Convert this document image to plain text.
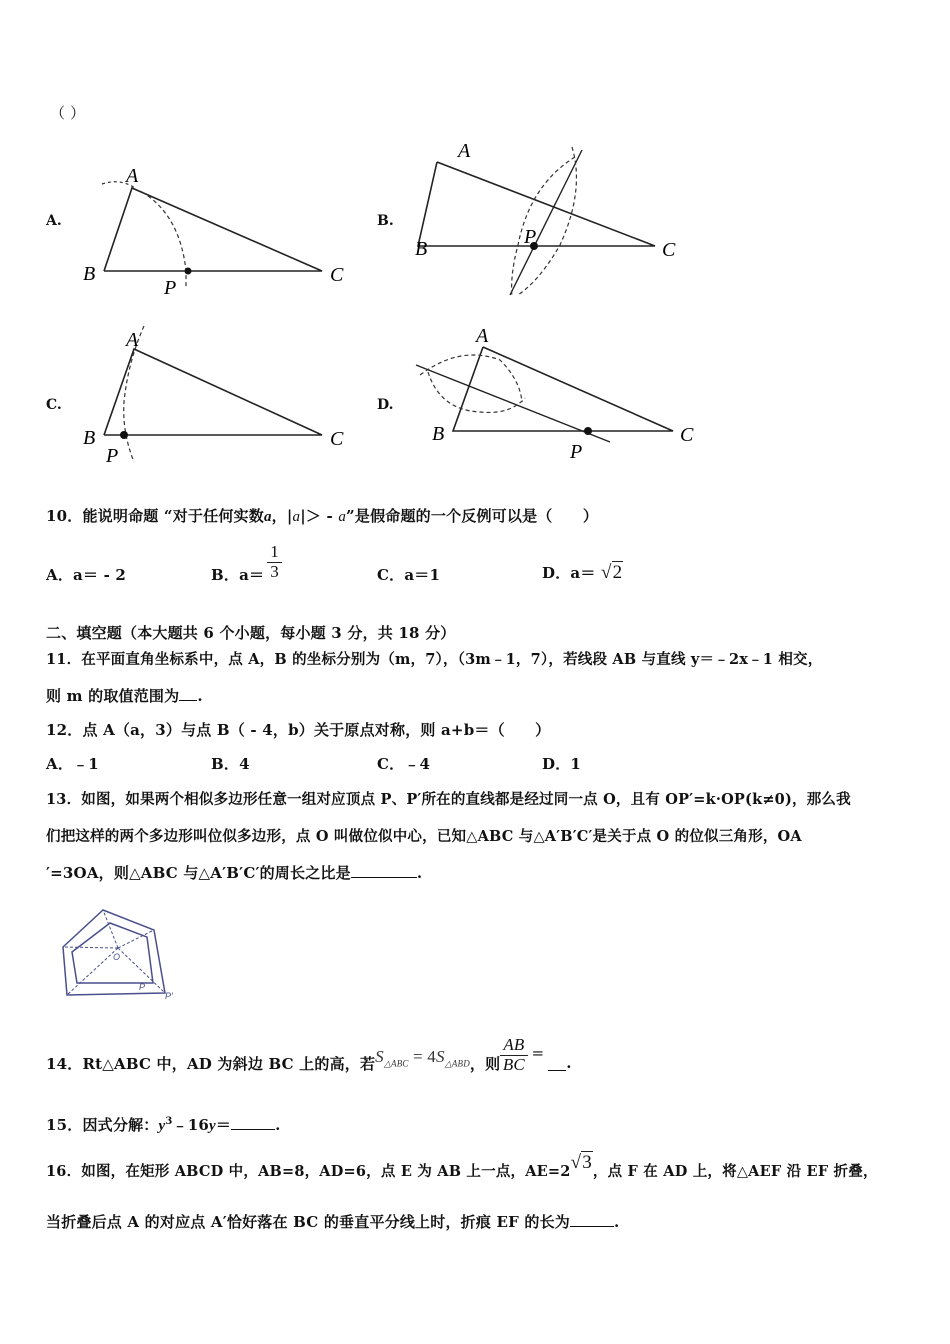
（ ）
A.
A
B	C
P
B.
A
B	C
P
C.
A
B	C
P
D.
A
B	C
P
10．能说明命题 “对于任何实数a，|a|＞ - a”是假命题的一个反例可以是（　　）
A．a＝ - 2	B． $a= \frac{1}{3}$	C．a＝1	D．a＝ √2
二、填空题（本大题共 6 个小题，每小题 3 分，共 18 分）
11．在平面直角坐标系中，点 A，B 的坐标分别为（m，7），（3m﹣1，7），若线段 AB 与直线 y＝﹣2x﹣1 相交，
则 m 的取值范围为 .
12．点 A（a，3）与点 B（ - 4，b）关于原点对称，则 a+b＝（　　）
A．﹣1	B．4	C．﹣4	D．1
13．如图，如果两个相似多边形任意一组对应顶点 P、P′所在的直线都是经过同一点 O，且有 OP′=k·OP(k≠0)，那么我
们把这样的两个多边形叫位似多边形，点 O 叫做位似中心，已知△ABC 与△A′B′C′是关于点 O 的位似三角形，OA
′=3OA，则△ABC 与△A′B′C′的周长之比是	.
O
P
P′
14．Rt△ABC 中，AD 为斜边 BC 上的高，若 $S_{\triangle ABC} = 4S_{\triangle ABD}$ ，则 $\frac{AB}{BC}$ =
.
15．因式分解：$y^3﹣16y=$	.
16．如图，在矩形 ABCD 中，AB=8，AD=6，点 E 为 AB 上一点，AE=2√3，点 F 在 AD 上，将△AEF 沿 EF 折叠，
当折叠后点 A 的对应点 A′恰好落在 BC 的垂直平分线上时，折痕 EF 的长为	.
